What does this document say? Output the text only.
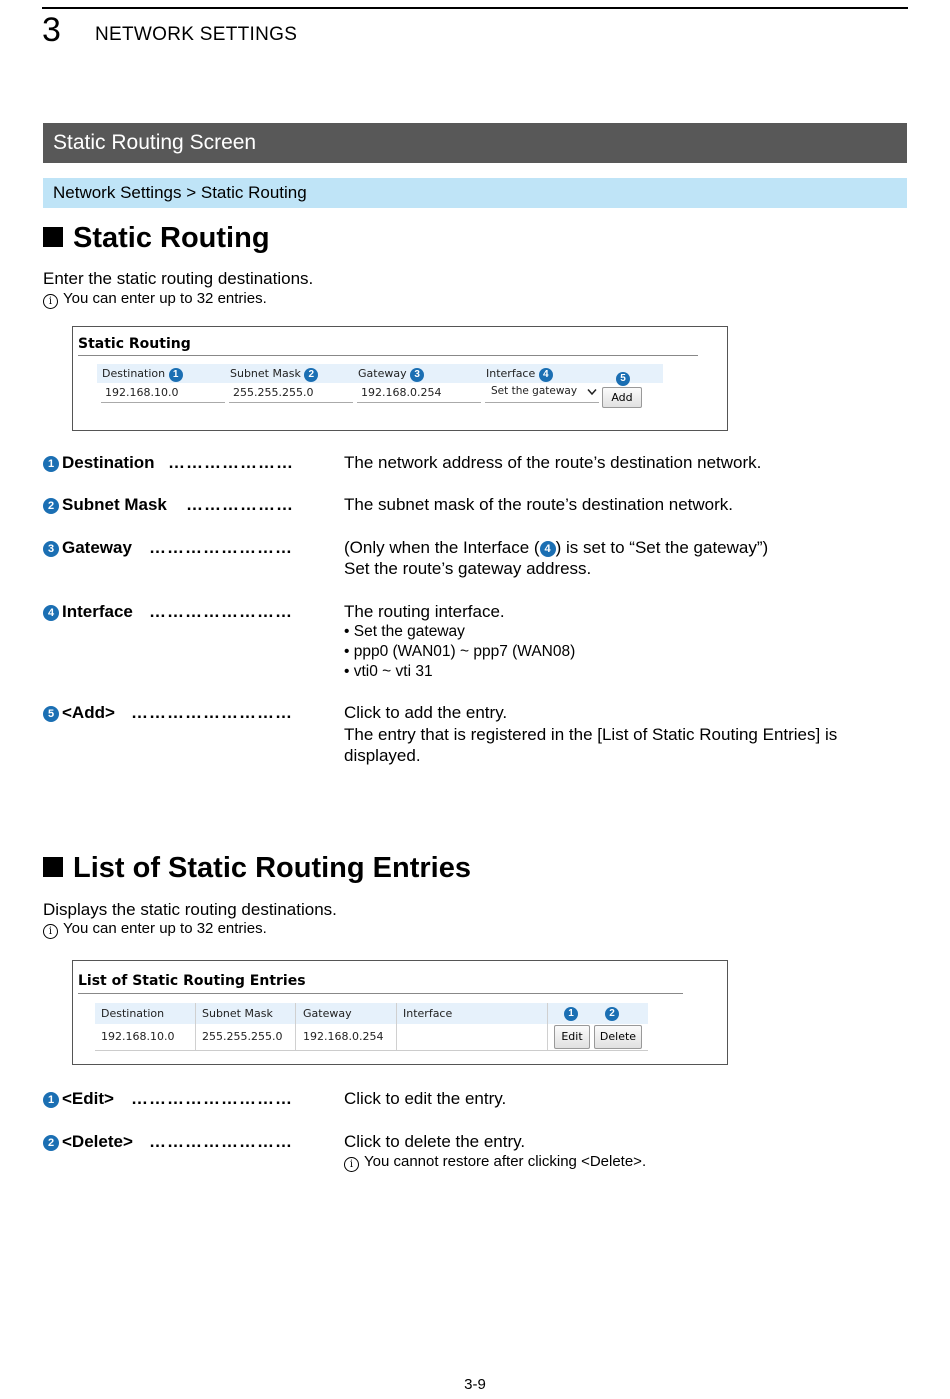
3 NETWORK SETTINGS
Static Routing Screen
Network Settings > Static Routing
Static Routing
Enter the static routing destinations.
i You can enter up to 32 entries.
Static Routing
Destination 1	Subnet Mask 2	Gateway 3	Interface 4
192.168.10.0	255.255.255.0	192.168.0.254	Set the gateway
5
Add
1 Destination …………………	The network address of the route’s destination network.
2 Subnet Mask ………………	The subnet mask of the route’s destination network.
3 Gateway ……………………	(Only when the Interface ( 4 ) is set to “Set the gateway”)
Set the route’s gateway address.
4 Interface ……………………	The routing interface.
• Set the gateway
• ppp0 (WAN01) ~ ppp7 (WAN08)
• vti0 ~ vti 31
5 <Add> ………………………	Click to add the entry.
The entry that is registered in the [List of Static Routing Entries] is displayed.
List of Static Routing Entries
Displays the static routing destinations.
i You can enter up to 32 entries.
List of Static Routing Entries
Destination	Subnet Mask	Gateway	Interface
192.168.10.0	255.255.255.0 192.168.0.254
1	2
Edit	Delete
1 <Edit> ………………………	Click to edit the entry.
2 <Delete> ……………………	Click to delete the entry.
i You cannot restore after clicking <Delete>.
3-9
